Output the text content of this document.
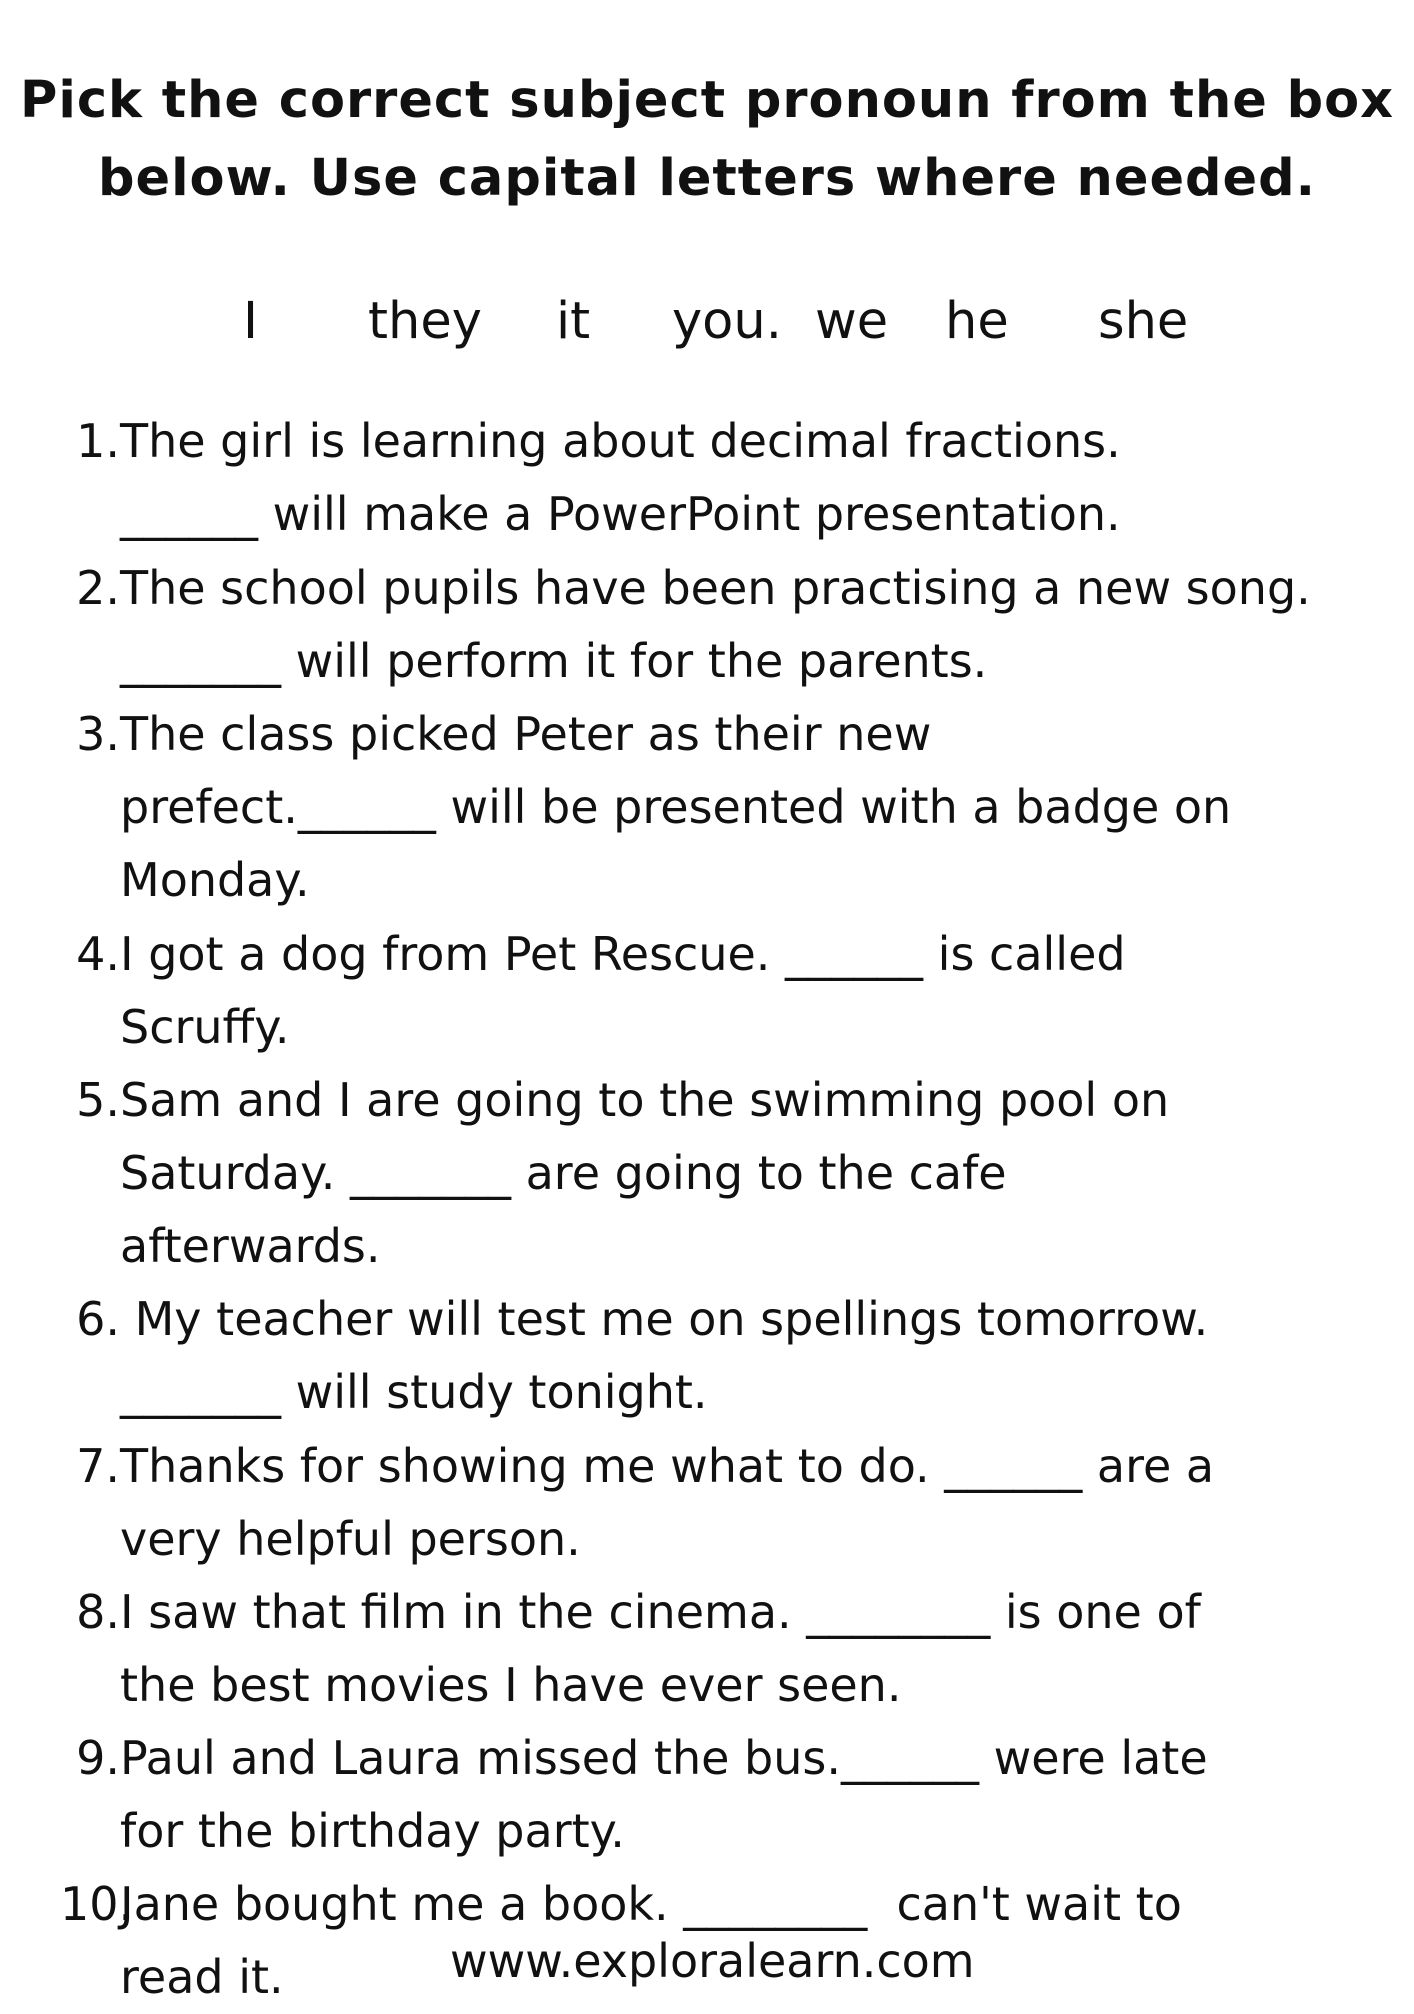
Pick the correct subject pronoun from the box
below. Use capital letters where needed.
I they it you. we he she
1. The girl is learning about decimal fractions.
______ will make a PowerPoint presentation.
2. The school pupils have been practising a new song.
_______ will perform it for the parents.
3. The class picked Peter as their new
prefect.______ will be presented with a badge on
Monday.
4. I got a dog from Pet Rescue. ______ is called
Scruffy.
5. Sam and I are going to the swimming pool on
Saturday. _______ are going to the cafe
afterwards.
6. My teacher will test me on spellings tomorrow.
_______ will study tonight.
7. Thanks for showing me what to do. ______ are a
very helpful person.
8. I saw that film in the cinema. ________ is one of
the best movies I have ever seen.
9. Paul and Laura missed the bus.______ were late
for the birthday party.
10.
Jane bought me a book. ________  can't wait to
read it.	www.exploralearn.com
